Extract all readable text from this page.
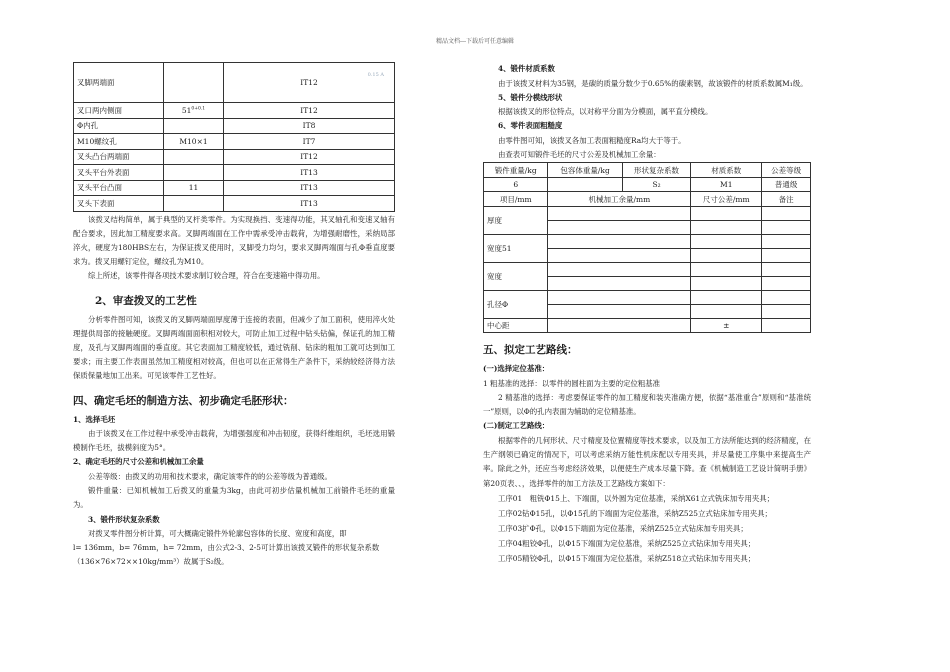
精品文档---下载后可任意编辑
叉脚两端面		IT12
0.15 A

叉口两内侧面	$51^{0+0.1}$	IT12
Φ内孔		IT8
M10螺纹孔	M10×1	IT7
叉头凸台两端面		IT12
叉头平台外表面		IT13
叉头平台凸面	11	IT13
叉头下表面		IT13
该拨叉结构简单，属于典型的叉杆类零件。为实现换挡、变速得功能，其叉轴孔和变速叉轴有配合要求，因此加工精度要求高。叉脚两端面在工作中需承受冲击载荷，为增强耐磨性，采纳局部淬火，硬度为180HBS左右，为保证拨叉使用时，叉脚受力均匀，要求叉脚两端面与孔Φ垂直度要求为。拨叉用螺钉定位，螺纹孔为M10。
综上所述，该零件得各项技术要求制订较合理，符合在变速箱中得功用。
2、审查拨叉的工艺性
分析零件图可知，该拨叉的叉脚两端面厚度薄于连接的表面，但减少了加工面积，使用淬火处理提供局部的接触硬度。叉脚两端面面积相对较大，可防止加工过程中钻头钻偏，保证孔的加工精度，及孔与叉脚两端面的垂直度。其它表面加工精度较低，通过铣削、钻床的粗加工就可达到加工要求；而主要工作表面虽然加工精度相对较高，但也可以在正常得生产条件下，采纳较经济得方法保质保量地加工出来。可见该零件工艺性好。
四、确定毛坯的制造方法、初步确定毛胚形状：
1、选择毛坯
由于该拨叉在工作过程中承受冲击载荷，为增强强度和冲击韧度，获得纤维组织，毛坯选用锻模制作毛坯，拔模斜度为5°。
2、确定毛坯的尺寸公差和机械加工余量
公差等级：由拨叉的功用和技术要求，确定该零件的的公差等级为普通级。
锻件重量：已知机械加工后拨叉的重量为3kg，由此可初步估量机械加工前锻件毛坯的重量为。
3、锻件形状复杂系数
对拨叉零件图分析计算，可大概确定锻件外轮廓包容体的长度、宽度和高度，即
l= 136mm，b= 76mm，h= 72mm，由公式2-3、2-5可计算出该拨叉锻件的形状复杂系数
（136×76×72××10kg/mm³）故属于S₂级。
4、锻件材质系数
由于该拨叉材料为35钢，是碳的质量分数少于0.65%的碳素钢，故该锻件的材质系数属M₁级。
5、锻件分模线形状
根据该拨叉的形位特点，以对称平分面为分模面，属平直分模线。
6、零件表面粗糙度
由零件图可知，该拨叉各加工表面粗糙度Ra均大于等于。
由查表可知锻件毛坯的尺寸公差及机械加工余量：
锻件重量/kg	包容体重量/kg	形状复杂系数	材质系数	公差等级
6		S₂	M1	普通级
项目/mm	机械加工余量/mm		尺寸公差/mm	备注
厚度				

宽度51				

宽度				

孔径Φ				

中心距			±	
五、拟定工艺路线：
(一)选择定位基准：
1 粗基准的选择：以零件的圆柱面为主要的定位粗基准
2 精基准的选择：考虑要保证零件的加工精度和装夹准确方便，依据“基准重合”原则和“基准统一”原则，以Φ的孔内表面为辅助的定位精基准。
(二)制定工艺路线：
根据零件的几何形状、尺寸精度及位置精度等技术要求，以及加工方法所能达到的经济精度，在生产纲领已确定的情况下，可以考虑采纳万能性机床配以专用夹具，并尽量使工序集中来提高生产率。除此之外，还应当考虑经济效果，以便使生产成本尽量下降。查《机械制造工艺设计简明手册》第20页表、、，选择零件的加工方法及工艺路线方案如下：
工序01　粗铣Φ15上、下端面，以外圆为定位基准，采纳X61立式铣床加专用夹具；
工序02钻Φ15孔，以Φ15孔的下端面为定位基准，采纳Z525立式钻床加专用夹具；
工序03扩Φ孔，以Φ15下端面为定位基准，采纳Z525立式钻床加专用夹具；
工序04粗铰Φ孔，以Φ15下端面为定位基准，采纳Z525立式钻床加专用夹具；
工序05精铰Φ孔，以Φ15下端面为定位基准，采纳Z518立式钻床加专用夹具；
